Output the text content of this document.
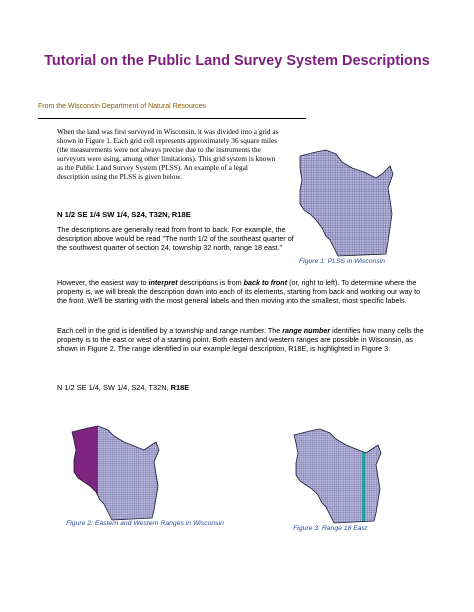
Tutorial on the Public Land Survey System Descriptions
From the Wisconsin Department of Natural Resources
When the land was first surveyed in Wisconsin, it was divided into a grid as shown in Figure 1. Each grid cell represents approximately 36 square miles (the measurements were not always precise due to the instruments the surveyors were using, among other limitations). This grid system is known as the Public Land Survey System (PLSS). An example of a legal description using the PLSS is given below.
Figure 1: PLSS in Wisconsin
N 1/2 SE 1/4 SW 1/4, S24, T32N, R18E
The descriptions are generally read from front to back. For example, the description above would be read "The north 1/2 of the southeast quarter of the southwest quarter of section 24, township 32 north, range 18 east."
However, the easiest way to interpret descriptions is from back to front (or, right to left). To determine where the property is, we will break the description down into each of its elements, starting from back and working our way to the front. We'll be starting with the most general labels and then moving into the smallest, most specific labels.
Each cell in the grid is identified by a township and range number. The range number identifies how many cells the property is to the east or west of a starting point. Both eastern and western ranges are possible in Wisconsin, as shown in Figure 2. The range identified in our example legal description, R18E, is highlighted in Figure 3.
N 1/2 SE 1/4, SW 1/4, S24, T32N, R18E
Figure 2: Eastern and Western Ranges in Wisconsin
Figure 3: Range 18 East
